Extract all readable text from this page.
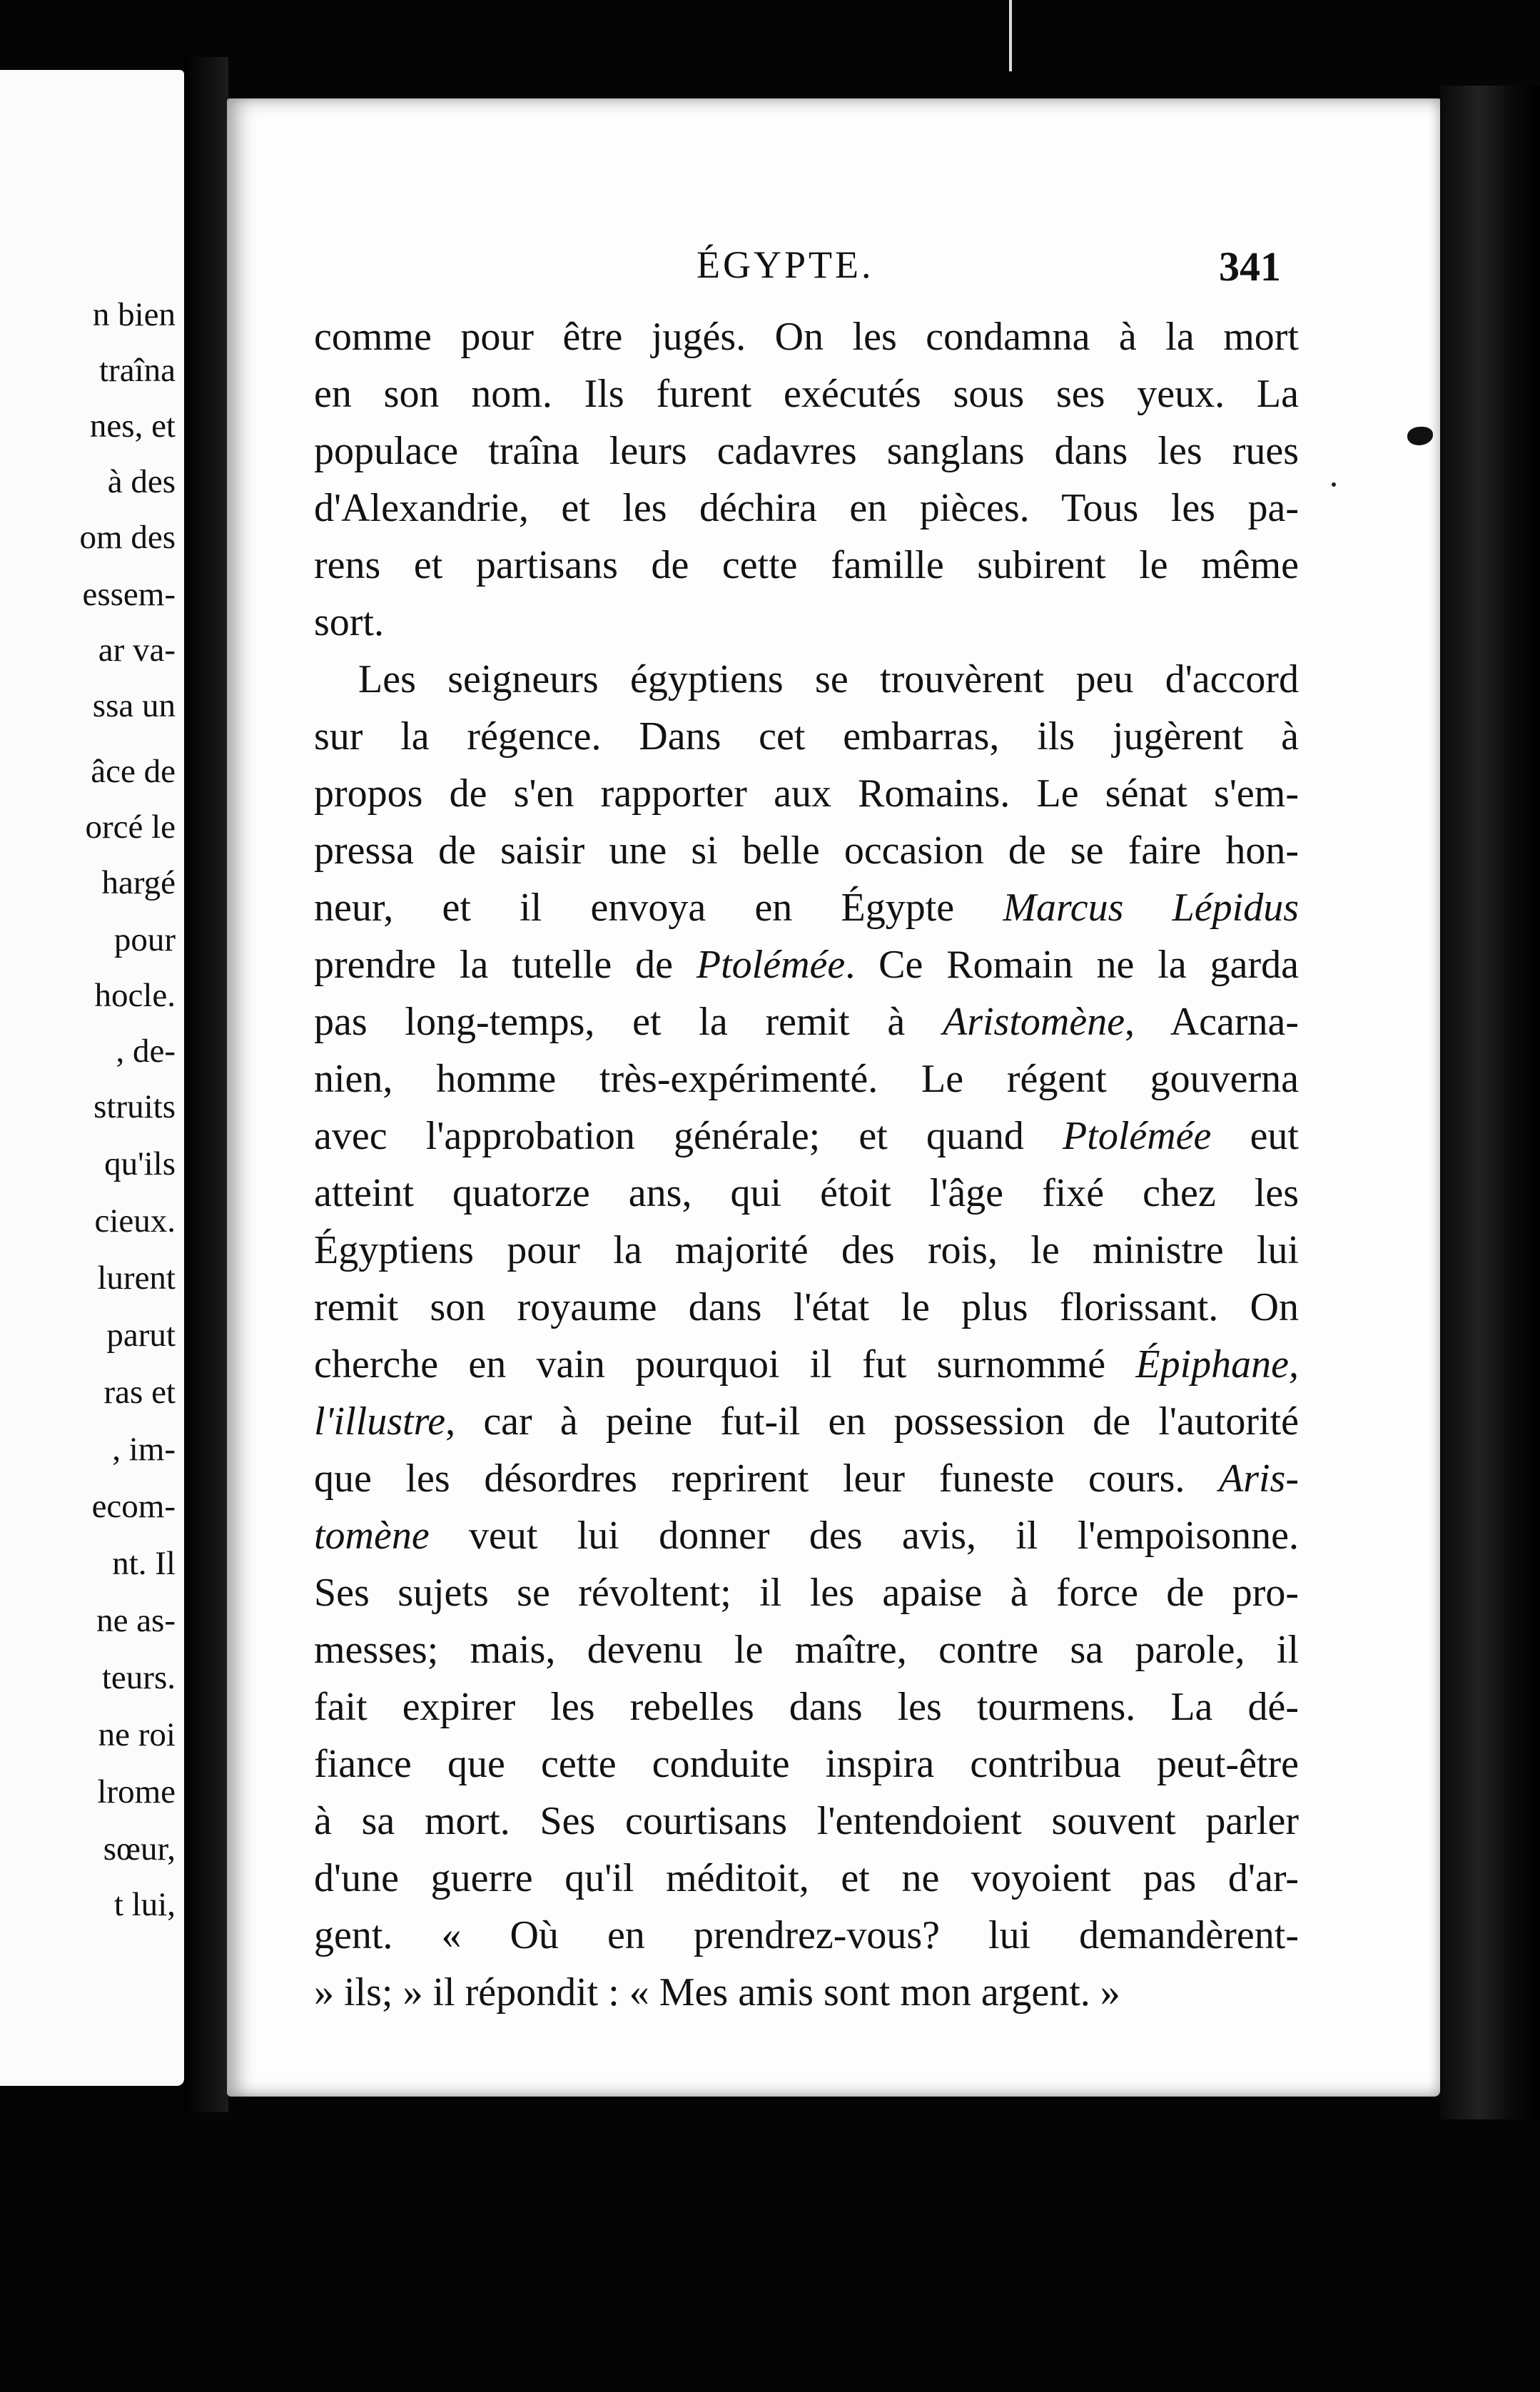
n bien
traîna
nes, et
à des
om des
essem-
ar va-
ssa un
âce de
orcé le
hargé
pour
hocle.
, de-
struits
qu'ils
cieux.
lurent
parut
ras et
, im-
ecom-
nt. Il
ne as-
teurs.
ne roi
lrome
sœur,
t lui,
ÉGYPTE.	341
comme pour être jugés. On les condamna à la mort
en son nom. Ils furent exécutés sous ses yeux. La
populace traîna leurs cadavres sanglans dans les rues
d'Alexandrie, et les déchira en pièces. Tous les pa-
rens et partisans de cette famille subirent le même
sort.
Les seigneurs égyptiens se trouvèrent peu d'accord
sur la régence. Dans cet embarras, ils jugèrent à
propos de s'en rapporter aux Romains. Le sénat s'em-
pressa de saisir une si belle occasion de se faire hon-
neur, et il envoya en Égypte Marcus Lépidus
prendre la tutelle de Ptolémée. Ce Romain ne la garda
pas long-temps, et la remit à Aristomène, Acarna-
nien, homme très-expérimenté. Le régent gouverna
avec l'approbation générale; et quand Ptolémée eut
atteint quatorze ans, qui étoit l'âge fixé chez les
Égyptiens pour la majorité des rois, le ministre lui
remit son royaume dans l'état le plus florissant. On
cherche en vain pourquoi il fut surnommé Épiphane,
l'illustre, car à peine fut-il en possession de l'autorité
que les désordres reprirent leur funeste cours. Aris-
tomène veut lui donner des avis, il l'empoisonne.
Ses sujets se révoltent; il les apaise à force de pro-
messes; mais, devenu le maître, contre sa parole, il
fait expirer les rebelles dans les tourmens. La dé-
fiance que cette conduite inspira contribua peut-être
à sa mort. Ses courtisans l'entendoient souvent parler
d'une guerre qu'il méditoit, et ne voyoient pas d'ar-
gent. « Où en prendrez-vous? lui demandèrent-
» ils; » il répondit : « Mes amis sont mon argent. »
